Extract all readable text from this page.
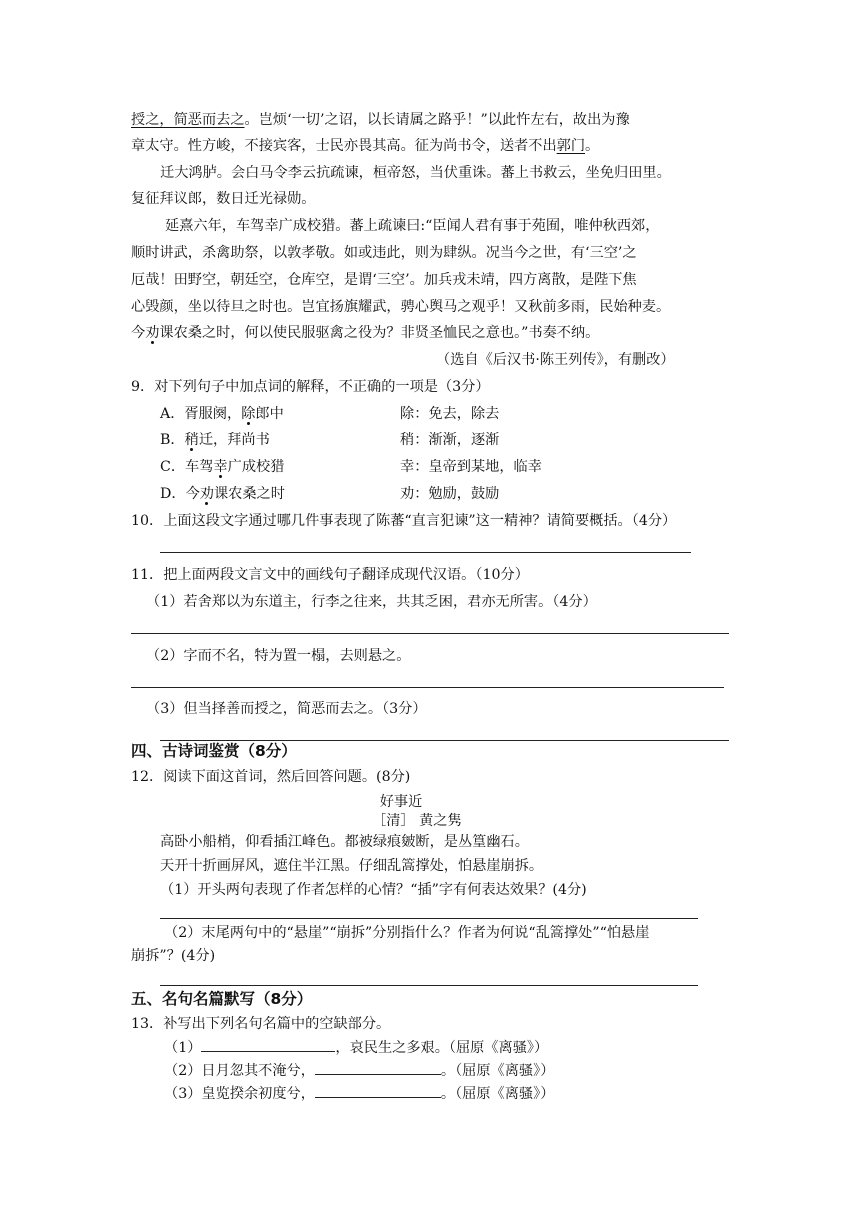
授之，简恶而去之。岂烦‘一切’之诏，以长请属之路乎！”以此忤左右，故出为豫
章太守。性方峻，不接宾客，士民亦畏其高。征为尚书令，送者不出郭门。
迁大鸿胪。会白马令李云抗疏谏，桓帝怒，当伏重诛。蕃上书救云，坐免归田里。
复征拜议郎，数日迁光禄勋。
延熹六年，车驾幸广成校猎。蕃上疏谏曰:“臣闻人君有事于苑囿，唯仲秋西郊，
顺时讲武，杀禽助祭，以敦孝敬。如或违此，则为肆纵。况当今之世，有‘三空’之
厄哉！田野空，朝廷空，仓库空，是谓‘三空’。加兵戎未靖，四方离散，是陛下焦
心毁颜，坐以待旦之时也。岂宜扬旗耀武，骋心舆马之观乎！又秋前多雨，民始种麦。
今劝课农桑之时，何以使民服驱禽之役为？非贤圣恤民之意也。”书奏不纳。
（选自《后汉书·陈王列传》，有删改）
9．对下列句子中加点词的解释，不正确的一项是（3分）
A．胥服阕，除郎中	除：免去，除去
B．稍迁，拜尚书	稍：渐渐，逐渐
C．车驾幸广成校猎	幸：皇帝到某地，临幸
D．今劝课农桑之时	劝：勉励，鼓励
10．上面这段文字通过哪几件事表现了陈蕃“直言犯谏”这一精神？请简要概括。（4分）
11．把上面两段文言文中的画线句子翻译成现代汉语。（10分）
（1）若舍郑以为东道主，行李之往来，共其乏困，君亦无所害。（4分）
（2）字而不名，特为置一榻，去则悬之。
（3）但当择善而授之，简恶而去之。（3分）
四、古诗词鉴赏（8分）
12．阅读下面这首词，然后回答问题。(8分)
好事近
［清］ 黄之隽
高卧小船梢，仰看插江峰色。都被绿痕皴断，是丛篁幽石。
天开十折画屏风，遮住半江黑。仔细乱篙撑处，怕悬崖崩拆。
（1）开头两句表现了作者怎样的心情？“插”字有何表达效果？(4分)
（2）末尾两句中的“悬崖”“崩拆”分别指什么？作者为何说“乱篙撑处”“怕悬崖
崩拆”？(4分)
五、名句名篇默写（8分）
13．补写出下列名句名篇中的空缺部分。
（1）	，哀民生之多艰。（屈原《离骚》）
（2）日月忽其不淹兮，	。（屈原《离骚》）
（3）皇览揆余初度兮，	。（屈原《离骚》）
